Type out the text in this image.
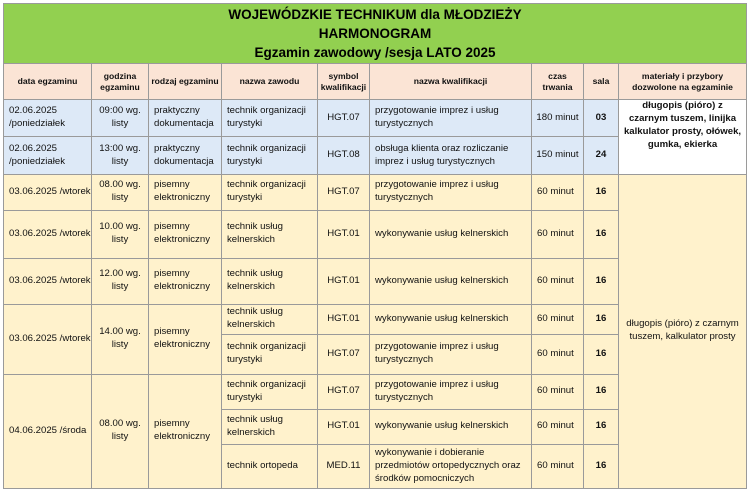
WOJEWÓDZKIE TECHNIKUM dla MŁODZIEŻY
HARMONOGRAM
Egzamin zawodowy /sesja LATO 2025								

data egzaminu	godzina egzaminu	rodzaj egzaminu	nazwa zawodu	symbol kwalifikacji	nazwa kwalifikacji	czas trwania	sala	materiały i przybory dozwolone na egzaminie
02.06.2025 /poniedziałek	09:00 wg. listy	praktyczny dokumentacja	technik organizacji turystyki	HGT.07	przygotowanie imprez i usług turystycznych	180 minut	03	długopis (pióro) z czarnym tuszem, linijka kalkulator prosty, ołówek, gumka, ekierka

02.06.2025 /poniedziałek	13:00 wg. listy	praktyczny dokumentacja	technik organizacji turystyki	HGT.08	obsługa klienta oraz rozliczanie imprez i usług turystycznych	150 minut	24	
03.06.2025 /wtorek	08.00 wg. listy	pisemny elektroniczny	technik organizacji turystyki	HGT.07	przygotowanie imprez i usług turystycznych	60 minut	16	długopis (pióro) z czarnym tuszem, kalkulator prosty
03.06.2025 /wtorek	10.00 wg. listy	pisemny elektroniczny	technik usług kelnerskich	HGT.01	wykonywanie usług kelnerskich	60 minut	16	
03.06.2025 /wtorek	12.00 wg. listy	pisemny elektroniczny	technik usług kelnerskich	HGT.01	wykonywanie usług kelnerskich	60 minut	16	
03.06.2025 /wtorek	14.00 wg. listy	pisemny elektroniczny	technik usług kelnerskich	HGT.01	wykonywanie usług kelnerskich	60 minut	16	
			technik organizacji turystyki	HGT.07	przygotowanie imprez i usług turystycznych	60 minut	16	
04.06.2025 /środa	08.00 wg. listy	pisemny elektroniczny	technik organizacji turystyki	HGT.07	przygotowanie imprez i usług turystycznych	60 minut	16	
			technik usług kelnerskich	HGT.01	wykonywanie usług kelnerskich	60 minut	16	
			technik ortopeda	MED.11	wykonywanie i dobieranie przedmiotów ortopedycznych oraz środków pomocniczych	60 minut	16	
